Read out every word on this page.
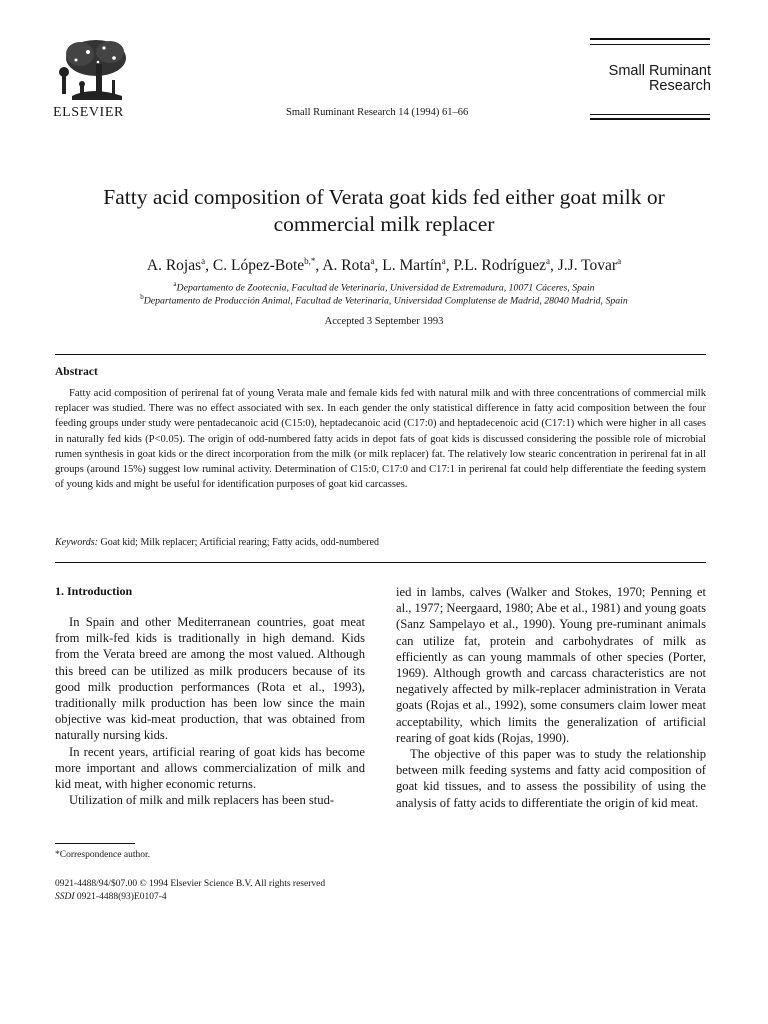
ELSEVIER	Small Ruminant Research 14 (1994) 61–66
Small Ruminant
Research
Fatty acid composition of Verata goat kids fed either goat milk or
commercial milk replacer
A. Rojas$^a$, C. López-Bote$^{b,*}$, A. Rota$^a$, L. Martín$^a$, P.L. Rodríguez$^a$, J.J. Tovar$^a$
$^a$Departamento de Zootecnia, Facultad de Veterinaria, Universidad de Extremadura, 10071 Cáceres, Spain
$^b$Departamento de Producción Animal, Facultad de Veterinaria, Universidad Complutense de Madrid, 28040 Madrid, Spain
Accepted 3 September 1993
Abstract
Fatty acid composition of perirenal fat of young Verata male and female kids fed with natural milk and with three concentrations of commercial milk replacer was studied. There was no effect associated with sex. In each gender the only statistical difference in fatty acid composition between the four feeding groups under study were pentadecanoic acid (C15:0), heptadecanoic acid (C17:0) and heptadecenoic acid (C17:1) which were higher in all cases in naturally fed kids (P<0.05). The origin of odd-numbered fatty acids in depot fats of goat kids is discussed considering the possible role of microbial rumen synthesis in goat kids or the direct incorporation from the milk (or milk replacer) fat. The relatively low stearic concentration in perirenal fat in all groups (around 15%) suggest low ruminal activity. Determination of C15:0, C17:0 and C17:1 in perirenal fat could help differentiate the feeding system of young kids and might be useful for identification purposes of goat kid carcasses.
Keywords: Goat kid; Milk replacer; Artificial rearing; Fatty acids, odd-numbered
1. Introduction

In Spain and other Mediterranean countries, goat meat from milk-fed kids is traditionally in high demand. Kids from the Verata breed are among the most valued. Although this breed can be utilized as milk producers because of its good milk production performances (Rota et al., 1993), traditionally milk production has been low since the main objective was kid-meat production, that was obtained from naturally nursing kids.

In recent years, artificial rearing of goat kids has become more important and allows commercialization of milk and kid meat, with higher economic returns.

Utilization of milk and milk replacers has been stud-

ied in lambs, calves (Walker and Stokes, 1970; Penning et al., 1977; Neergaard, 1980; Abe et al., 1981) and young goats (Sanz Sampelayo et al., 1990). Young pre-ruminant animals can utilize fat, protein and carbohydrates of milk as efficiently as can young mammals of other species (Porter, 1969). Although growth and carcass characteristics are not negatively affected by milk-replacer administration in Verata goats (Rojas et al., 1992), some consumers claim lower meat acceptability, which limits the generalization of artificial rearing of goat kids (Rojas, 1990).

The objective of this paper was to study the relationship between milk feeding systems and fatty acid composition of goat kid tissues, and to assess the possibility of using the analysis of fatty acids to differentiate the origin of kid meat.

*Correspondence author.
0921-4488/94/$07.00 © 1994 Elsevier Science B.V. All rights reserved
SSDI 0921-4488(93)E0107-4
